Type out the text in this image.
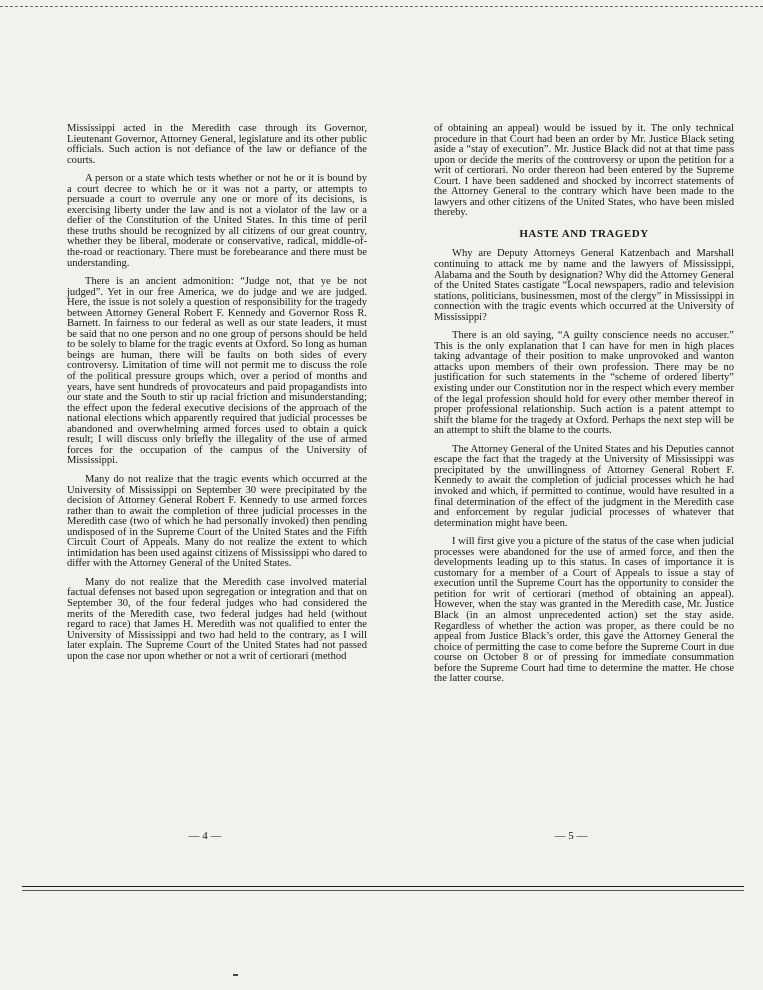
Mississippi acted in the Meredith case through its Governor, Lieutenant Governor, Attorney General, legislature and its other public officials. Such action is not defiance of the law or defiance of the courts.

A person or a state which tests whether or not he or it is bound by a court decree to which he or it was not a party, or attempts to persuade a court to overrule any one or more of its decisions, is exercising liberty under the law and is not a violator of the law or a defier of the Constitution of the United States. In this time of peril these truths should be recognized by all citizens of our great country, whether they be liberal, moderate or conservative, radical, middle-of-the-road or reactionary. There must be forebearance and there must be understanding.

There is an ancient admonition: “Judge not, that ye be not judged”. Yet in our free America, we do judge and we are judged. Here, the issue is not solely a question of responsibility for the tragedy between Attorney General Robert F. Kennedy and Governor Ross R. Barnett. In fairness to our federal as well as our state leaders, it must be said that no one person and no one group of persons should be held to be solely to blame for the tragic events at Oxford. So long as human beings are human, there will be faults on both sides of every controversy. Limitation of time will not permit me to discuss the role of the political pressure groups which, over a period of months and years, have sent hundreds of provocateurs and paid propagandists into our state and the South to stir up racial friction and misunderstanding; the effect upon the federal executive decisions of the approach of the national elections which apparently required that judicial processes be abandoned and overwhelming armed forces used to obtain a quick result; I will discuss only briefly the illegality of the use of armed forces for the occupation of the campus of the University of Mississippi.

Many do not realize that the tragic events which occurred at the University of Mississippi on September 30 were precipitated by the decision of Attorney General Robert F. Kennedy to use armed forces rather than to await the completion of three judicial processes in the Meredith case (two of which he had personally invoked) then pending undisposed of in the Supreme Court of the United States and the Fifth Circuit Court of Appeals. Many do not realize the extent to which intimidation has been used against citizens of Mississippi who dared to differ with the Attorney General of the United States.

Many do not realize that the Meredith case involved material factual defenses not based upon segregation or integration and that on September 30, of the four federal judges who had considered the merits of the Meredith case, two federal judges had held (without regard to race) that James H. Meredith was not qualified to enter the University of Mississippi and two had held to the contrary, as I will later explain. The Supreme Court of the United States had not passed upon the case nor upon whether or not a writ of certiorari (method

of obtaining an appeal) would be issued by it. The only technical procedure in that Court had been an order by Mr. Justice Black seting aside a “stay of execution”. Mr. Justice Black did not at that time pass upon or decide the merits of the controversy or upon the petition for a writ of certiorari. No order thereon had been entered by the Supreme Court. I have been saddened and shocked by incorrect statements of the Attorney General to the contrary which have been made to the lawyers and other citizens of the United States, who have been misled thereby.

HASTE AND TRAGEDY

Why are Deputy Attorneys General Katzenbach and Marshall continuing to attack me by name and the lawyers of Mississippi, Alabama and the South by designation? Why did the Attorney General of the United States castigate “Local newspapers, radio and television stations, politicians, businessmen, most of the clergy” in Mississippi in connection with the tragic events which occurred at the University of Mississippi?

There is an old saying, “A guilty conscience needs no accuser.” This is the only explanation that I can have for men in high places taking advantage of their position to make unprovoked and wanton attacks upon members of their own profession. There may be no justification for such statements in the “scheme of ordered liberty” existing under our Constitution nor in the respect which every member of the legal profession should hold for every other member thereof in proper professional relationship. Such action is a patent attempt to shift the blame for the tragedy at Oxford. Perhaps the next step will be an attempt to shift the blame to the courts.

The Attorney General of the United States and his Deputies cannot escape the fact that the tragedy at the University of Mississippi was precipitated by the unwillingness of Attorney General Robert F. Kennedy to await the completion of judicial processes which he had invoked and which, if permitted to continue, would have resulted in a final determination of the effect of the judgment in the Meredith case and enforcement by regular judicial processes of whatever that determination might have been.

I will first give you a picture of the status of the case when judicial processes were abandoned for the use of armed force, and then the developments leading up to this status. In cases of importance it is customary for a member of a Court of Appeals to issue a stay of execution until the Supreme Court has the opportunity to consider the petition for writ of certiorari (method of obtaining an appeal). However, when the stay was granted in the Meredith case, Mr. Justice Black (in an almost unprecedented action) set the stay aside. Regardless of whether the action was proper, as there could be no appeal from Justice Black’s order, this gave the Attorney General the choice of permitting the case to come before the Supreme Court in due course on October 8 or of pressing for immediate consummation before the Supreme Court had time to determine the matter. He chose the latter course.

— 4 —	— 5 —
